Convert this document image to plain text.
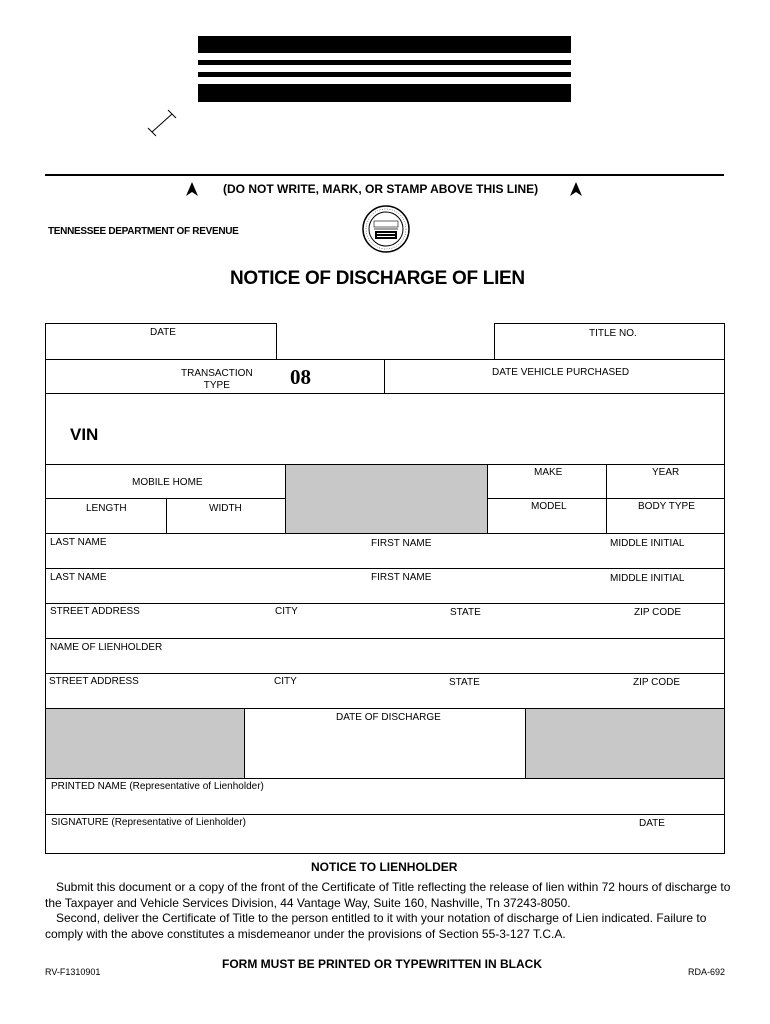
(DO NOT WRITE, MARK, OR STAMP ABOVE THIS LINE)
TENNESSEE DEPARTMENT OF REVENUE
NOTICE OF DISCHARGE OF LIEN
DATE	TITLE NO.
TRANSACTION
TYPE	08	DATE VEHICLE PURCHASED
VIN
MOBILE HOME
LENGTH	WIDTH
MAKE	YEAR
MODEL	BODY TYPE
LAST NAME	FIRST NAME	MIDDLE INITIAL
LAST NAME	FIRST NAME	MIDDLE INITIAL
STREET ADDRESS	CITY	STATE	ZIP CODE
NAME OF LIENHOLDER
STREET ADDRESS	CITY	STATE	ZIP CODE
DATE OF DISCHARGE
PRINTED NAME (Representative of Lienholder)
SIGNATURE (Representative of Lienholder)	DATE
NOTICE TO LIENHOLDER
Submit this document or a copy of the front of the Certificate of Title reflecting the release of lien within 72 hours of discharge to the Taxpayer and Vehicle Services Division, 44 Vantage Way, Suite 160, Nashville, Tn 37243-8050.
Second, deliver the Certificate of Title to the person entitled to it with your notation of discharge of Lien indicated. Failure to comply with the above constitutes a misdemeanor under the provisions of Section 55-3-127 T.C.A.
RV-F1310901
FORM MUST BE PRINTED OR TYPEWRITTEN IN BLACK
RDA-692
